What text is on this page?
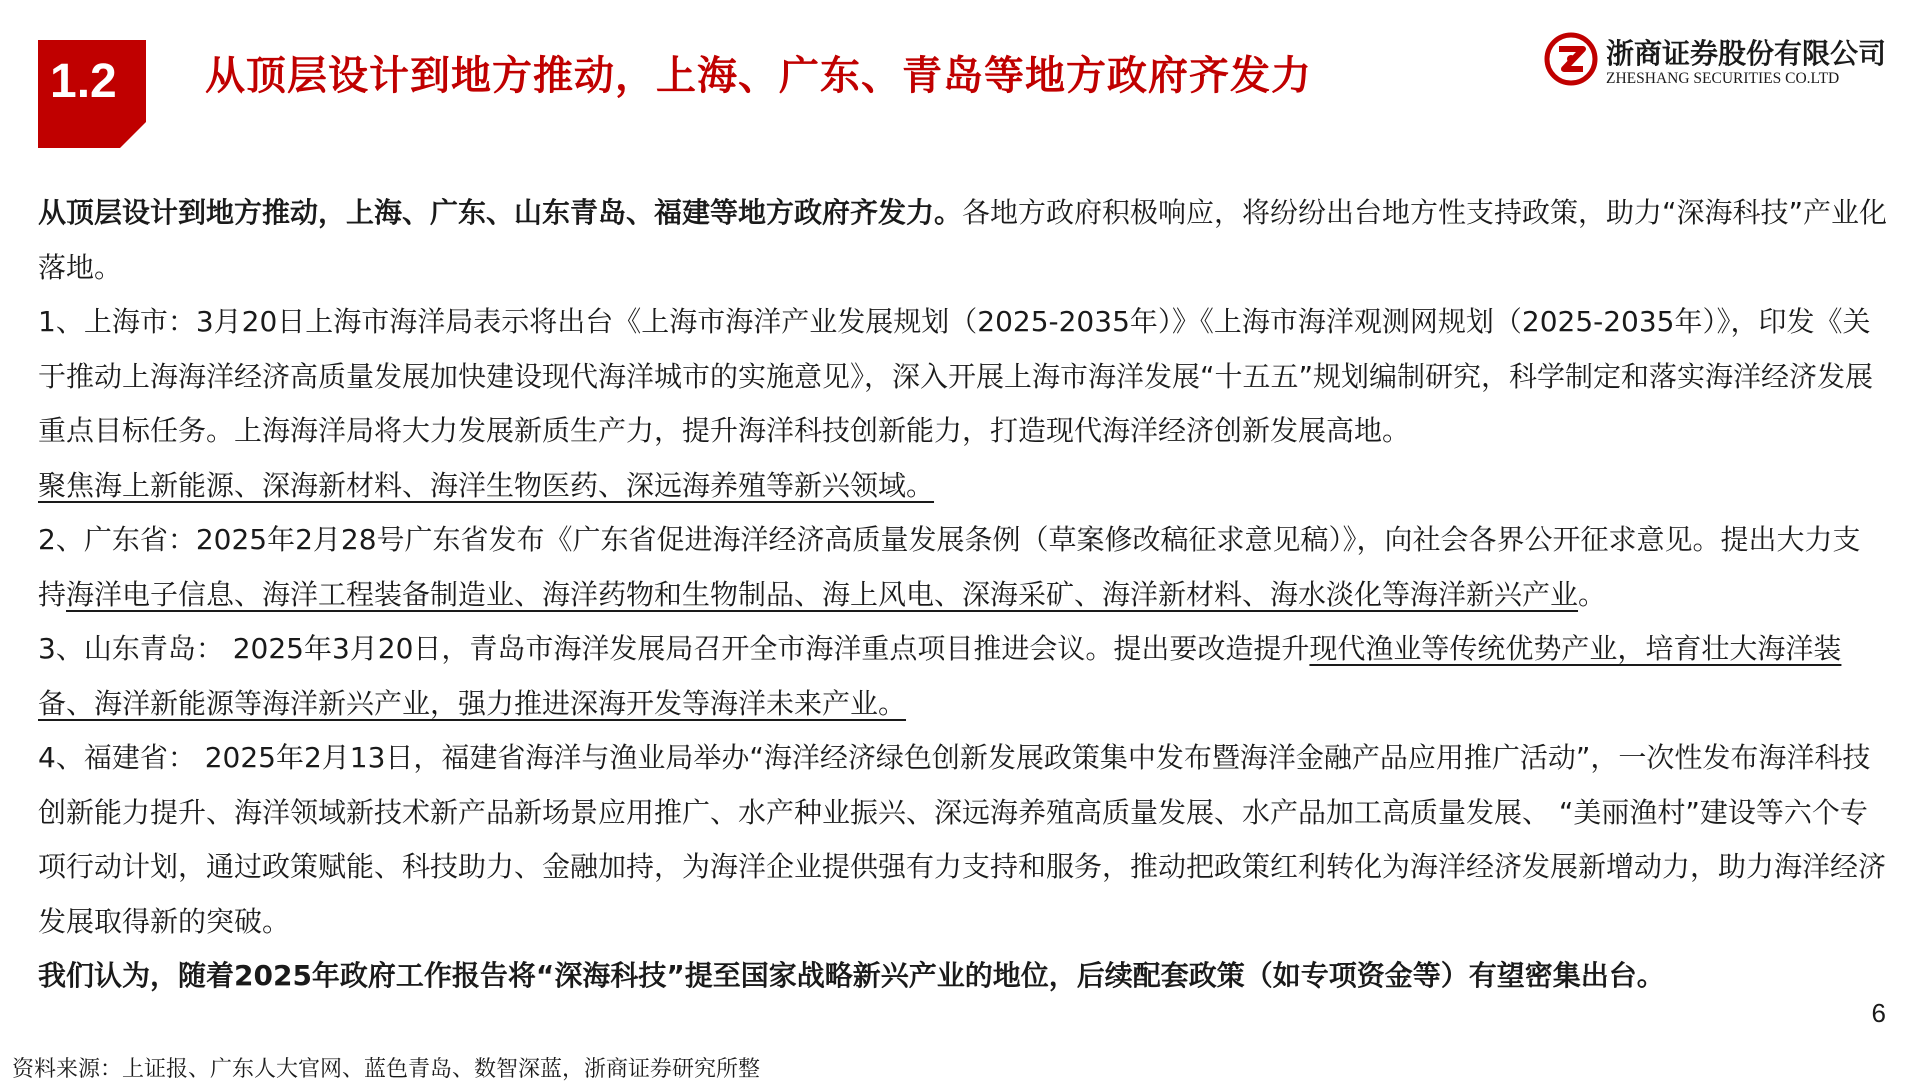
1.2 从顶层设计到地方推动，上海、广东、青岛等地方政府齐发力	浙商证券股份有限公司
ZHESHANG SECURITIES CO.LTD

从顶层设计到地方推动，上海、广东、山东青岛、福建等地方政府齐发力。各地方政府积极响应，将纷纷出台地方性支持政策，助力“深海科技”产业化落地。

1、上海市：3月20日上海市海洋局表示将出台《上海市海洋产业发展规划（2025-2035年）》《上海市海洋观测网规划（2025-2035年）》，印发《关于推动上海海洋经济高质量发展加快建设现代海洋城市的实施意见》，深入开展上海市海洋发展“十五五”规划编制研究，科学制定和落实海洋经济发展重点目标任务。上海海洋局将大力发展新质生产力，提升海洋科技创新能力，打造现代海洋经济创新发展高地。
聚焦海上新能源、深海新材料、海洋生物医药、深远海养殖等新兴领域。

2、广东省：2025年2月28号广东省发布《广东省促进海洋经济高质量发展条例（草案修改稿征求意见稿）》，向社会各界公开征求意见。提出大力支持海洋电子信息、海洋工程装备制造业、海洋药物和生物制品、海上风电、深海采矿、海洋新材料、海水淡化等海洋新兴产业。

3、山东青岛： 2025年3月20日，青岛市海洋发展局召开全市海洋重点项目推进会议。提出要改造提升现代渔业等传统优势产业，培育壮大海洋装备、海洋新能源等海洋新兴产业，强力推进深海开发等海洋未来产业。

4、福建省： 2025年2月13日，福建省海洋与渔业局举办“海洋经济绿色创新发展政策集中发布暨海洋金融产品应用推广活动”，一次性发布海洋科技创新能力提升、海洋领域新技术新产品新场景应用推广、水产种业振兴、深远海养殖高质量发展、水产品加工高质量发展、 “美丽渔村”建设等六个专项行动计划，通过政策赋能、科技助力、金融加持，为海洋企业提供强有力支持和服务，推动把政策红利转化为海洋经济发展新增动力，助力海洋经济发展取得新的突破。

我们认为，随着2025年政府工作报告将“深海科技”提至国家战略新兴产业的地位，后续配套政策（如专项资金等）有望密集出台。

6
资料来源：上证报、广东人大官网、蓝色青岛、数智深蓝，浙商证券研究所整
